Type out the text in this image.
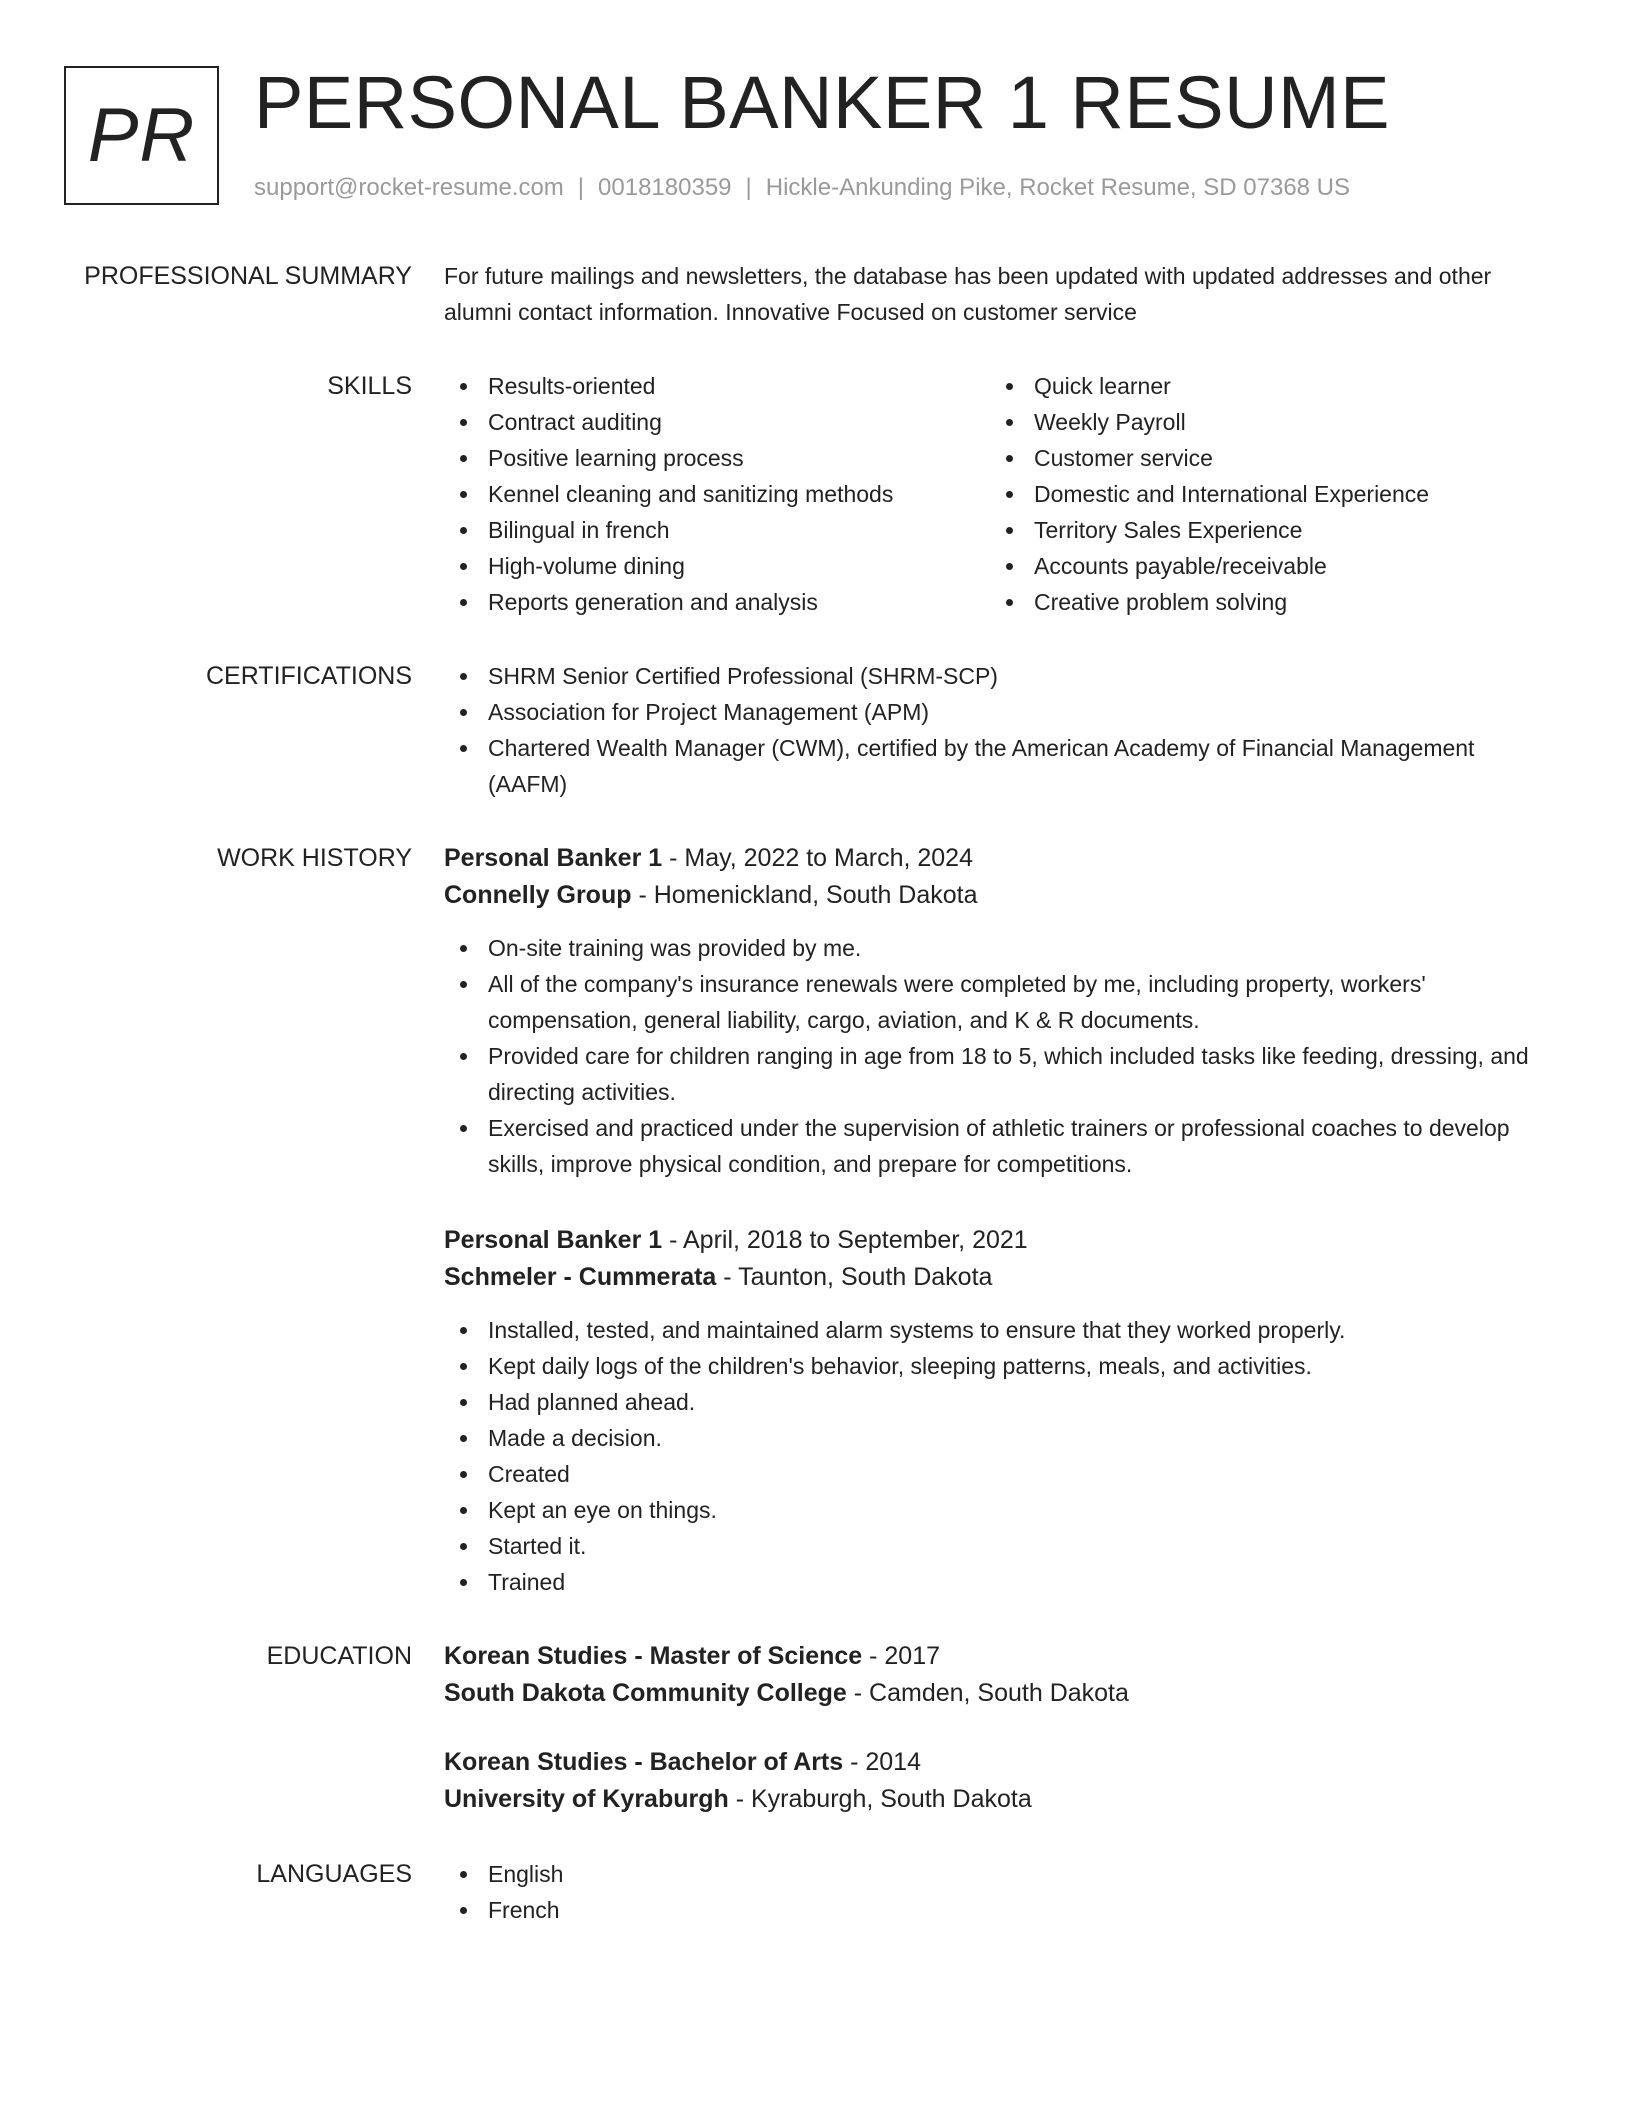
PR PERSONAL BANKER 1 RESUME
support@rocket-resume.com | 0018180359 | Hickle-Ankunding Pike, Rocket Resume, SD 07368 US
PROFESSIONAL SUMMARY For future mailings and newsletters, the database has been updated with updated addresses and other alumni contact information. Innovative Focused on customer service

SKILLS	Results-oriented
Contract auditing
Positive learning process
Kennel cleaning and sanitizing methods
Bilingual in french
High-volume dining
Reports generation and analysis
Quick learner
Weekly Payroll
Customer service
Domestic and International Experience
Territory Sales Experience
Accounts payable/receivable
Creative problem solving
CERTIFICATIONS	SHRM Senior Certified Professional (SHRM-SCP)
Association for Project Management (APM)
Chartered Wealth Manager (CWM), certified by the American Academy of Financial Management (AAFM)
WORK HISTORY Personal Banker 1 - May, 2022 to March, 2024
Connelly Group - Homenickland, South Dakota
On-site training was provided by me.
All of the company's insurance renewals were completed by me, including property, workers' compensation, general liability, cargo, aviation, and K & R documents.
Provided care for children ranging in age from 18 to 5, which included tasks like feeding, dressing, and directing activities.
Exercised and practiced under the supervision of athletic trainers or professional coaches to develop skills, improve physical condition, and prepare for competitions.
Personal Banker 1 - April, 2018 to September, 2021
Schmeler - Cummerata - Taunton, South Dakota
Installed, tested, and maintained alarm systems to ensure that they worked properly.
Kept daily logs of the children's behavior, sleeping patterns, meals, and activities.
Had planned ahead.
Made a decision.
Created
Kept an eye on things.
Started it.
Trained
EDUCATION Korean Studies - Master of Science - 2017
South Dakota Community College - Camden, South Dakota
Korean Studies - Bachelor of Arts - 2014
University of Kyraburgh - Kyraburgh, South Dakota
LANGUAGES	English
French
